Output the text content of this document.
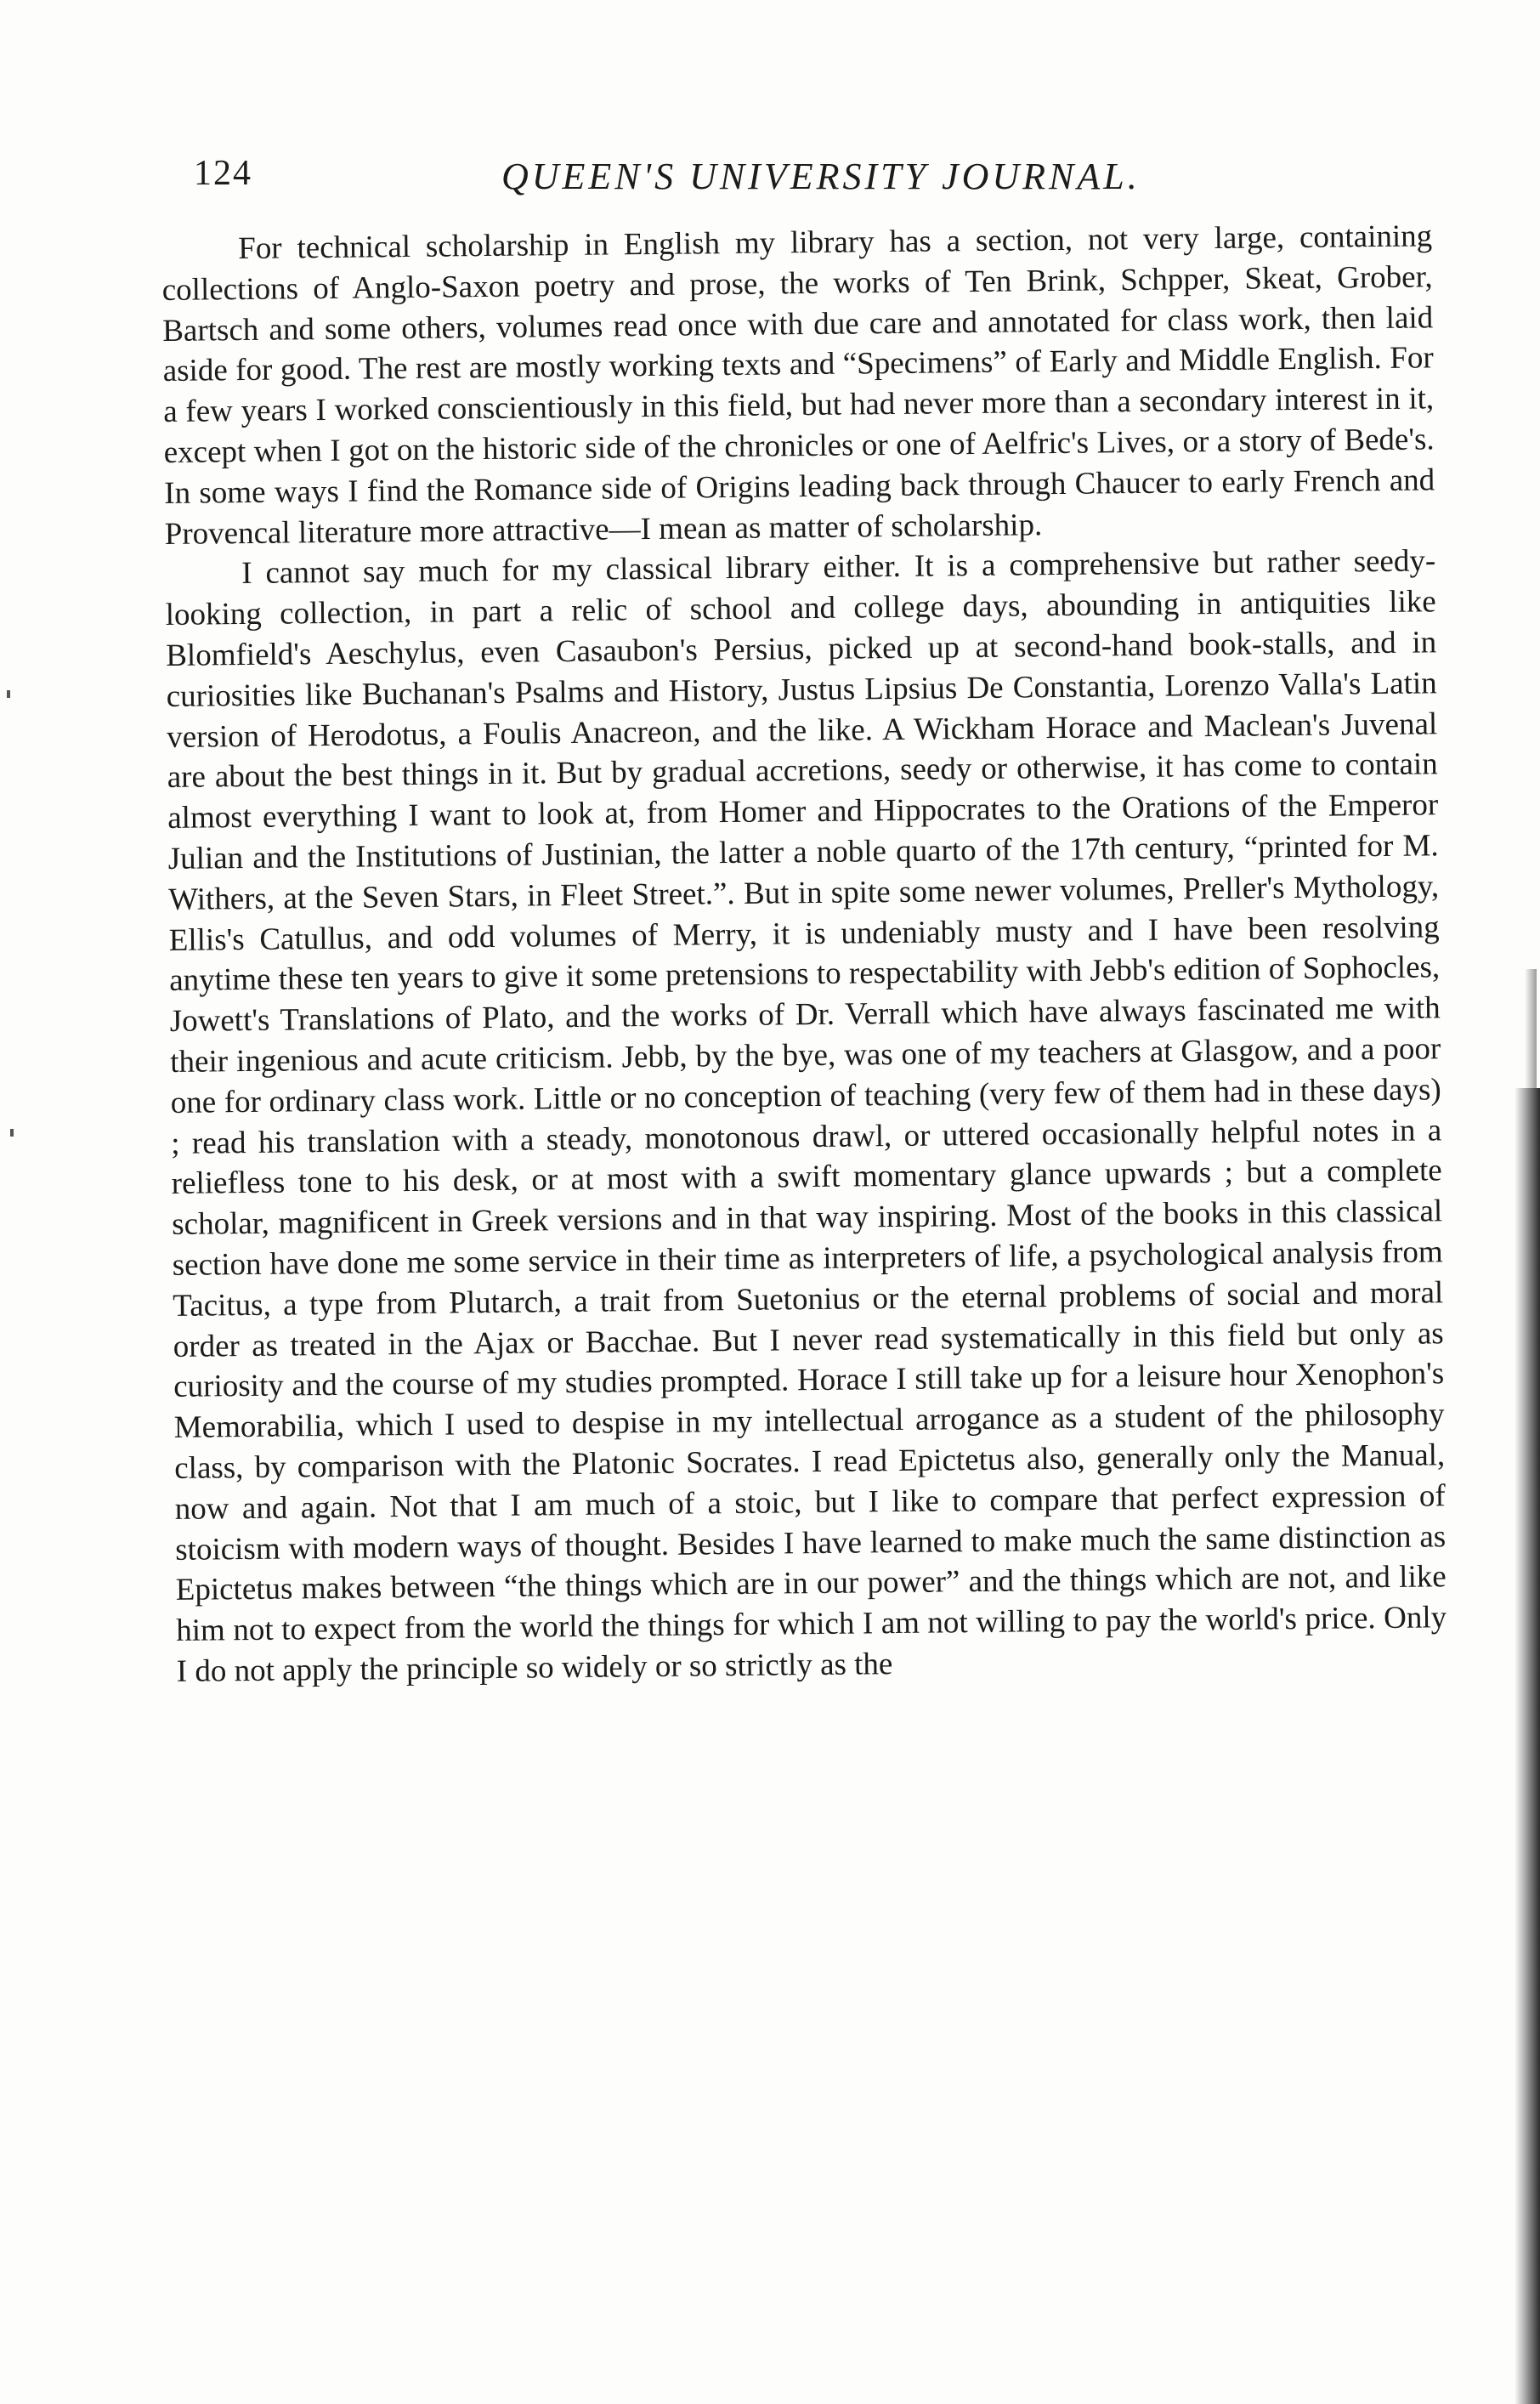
124	QUEEN'S UNIVERSITY JOURNAL.

For technical scholarship in English my library has a section, not very large, containing collections of Anglo-Saxon poetry and prose, the works of Ten Brink, Schpper, Skeat, Grober, Bartsch and some others, volumes read once with due care and annotated for class work, then laid aside for good. The rest are mostly working texts and “Specimens” of Early and Middle English. For a few years I worked conscientiously in this field, but had never more than a secondary interest in it, except when I got on the historic side of the chronicles or one of Aelfric's Lives, or a story of Bede's. In some ways I find the Romance side of Origins leading back through Chaucer to early French and Provencal literature more attractive—I mean as matter of scholarship.

I cannot say much for my classical library either. It is a comprehensive but rather seedy-looking collection, in part a relic of school and college days, abounding in antiquities like Blomfield's Aeschylus, even Casaubon's Persius, picked up at second-hand book-stalls, and in curiosities like Buchanan's Psalms and History, Justus Lipsius De Constantia, Lorenzo Valla's Latin version of Herodotus, a Foulis Anacreon, and the like. A Wickham Horace and Maclean's Juvenal are about the best things in it. But by gradual accretions, seedy or otherwise, it has come to contain almost everything I want to look at, from Homer and Hippocrates to the Orations of the Emperor Julian and the Institutions of Justinian, the latter a noble quarto of the 17th century, “printed for M. Withers, at the Seven Stars, in Fleet Street.”. But in spite some newer volumes, Preller's Mythology, Ellis's Catullus, and odd volumes of Merry, it is undeniably musty and I have been resolving anytime these ten years to give it some pretensions to respectability with Jebb's edition of Sophocles, Jowett's Translations of Plato, and the works of Dr. Verrall which have always fascinated me with their ingenious and acute criticism. Jebb, by the bye, was one of my teachers at Glasgow, and a poor one for ordinary class work. Little or no conception of teaching (very few of them had in these days) ; read his translation with a steady, monotonous drawl, or uttered occasionally helpful notes in a reliefless tone to his desk, or at most with a swift momentary glance upwards ; but a complete scholar, magnificent in Greek versions and in that way inspiring. Most of the books in this classical section have done me some service in their time as interpreters of life, a psychological analysis from Tacitus, a type from Plutarch, a trait from Suetonius or the eternal problems of social and moral order as treated in the Ajax or Bacchae. But I never read systematically in this field but only as curiosity and the course of my studies prompted. Horace I still take up for a leisure hour Xenophon's Memorabilia, which I used to despise in my intellectual arrogance as a student of the philosophy class, by comparison with the Platonic Socrates. I read Epictetus also, generally only the Manual, now and again. Not that I am much of a stoic, but I like to compare that perfect expression of stoicism with modern ways of thought. Besides I have learned to make much the same distinction as Epictetus makes between “the things which are in our power” and the things which are not, and like him not to expect from the world the things for which I am not willing to pay the world's price. Only I do not apply the principle so widely or so strictly as the
